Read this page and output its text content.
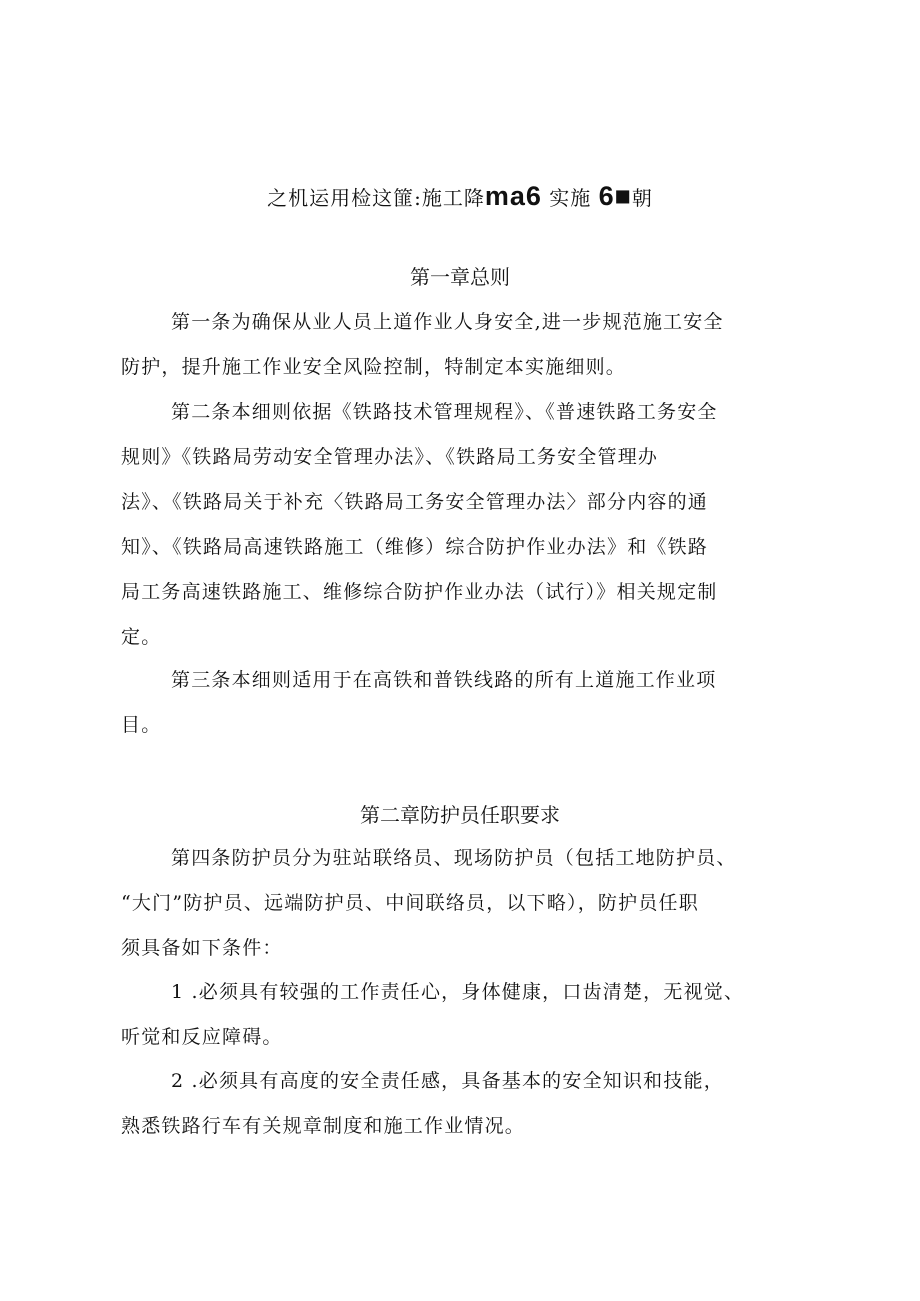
之机运用检这篚:施工降ma6 实施 6■朝
第一章总则
第一条为确保从业人员上道作业人身安全,进一步规范施工安全
防护，提升施工作业安全风险控制，特制定本实施细则。
第二条本细则依据《铁路技术管理规程》、《普速铁路工务安全
规则》《铁路局劳动安全管理办法》、《铁路局工务安全管理办
法》、《铁路局关于补充〈铁路局工务安全管理办法〉部分内容的通
知》、《铁路局高速铁路施工（维修）综合防护作业办法》和《铁路
局工务高速铁路施工、维修综合防护作业办法（试行）》相关规定制
定。
第三条本细则适用于在高铁和普铁线路的所有上道施工作业项
目。
第二章防护员任职要求
第四条防护员分为驻站联络员、现场防护员（包括工地防护员、
“大门”防护员、远端防护员、中间联络员，以下略），防护员任职
须具备如下条件：
1 .必须具有较强的工作责任心，身体健康，口齿清楚，无视觉、
听觉和反应障碍。
2 .必须具有高度的安全责任感，具备基本的安全知识和技能，
熟悉铁路行车有关规章制度和施工作业情况。
